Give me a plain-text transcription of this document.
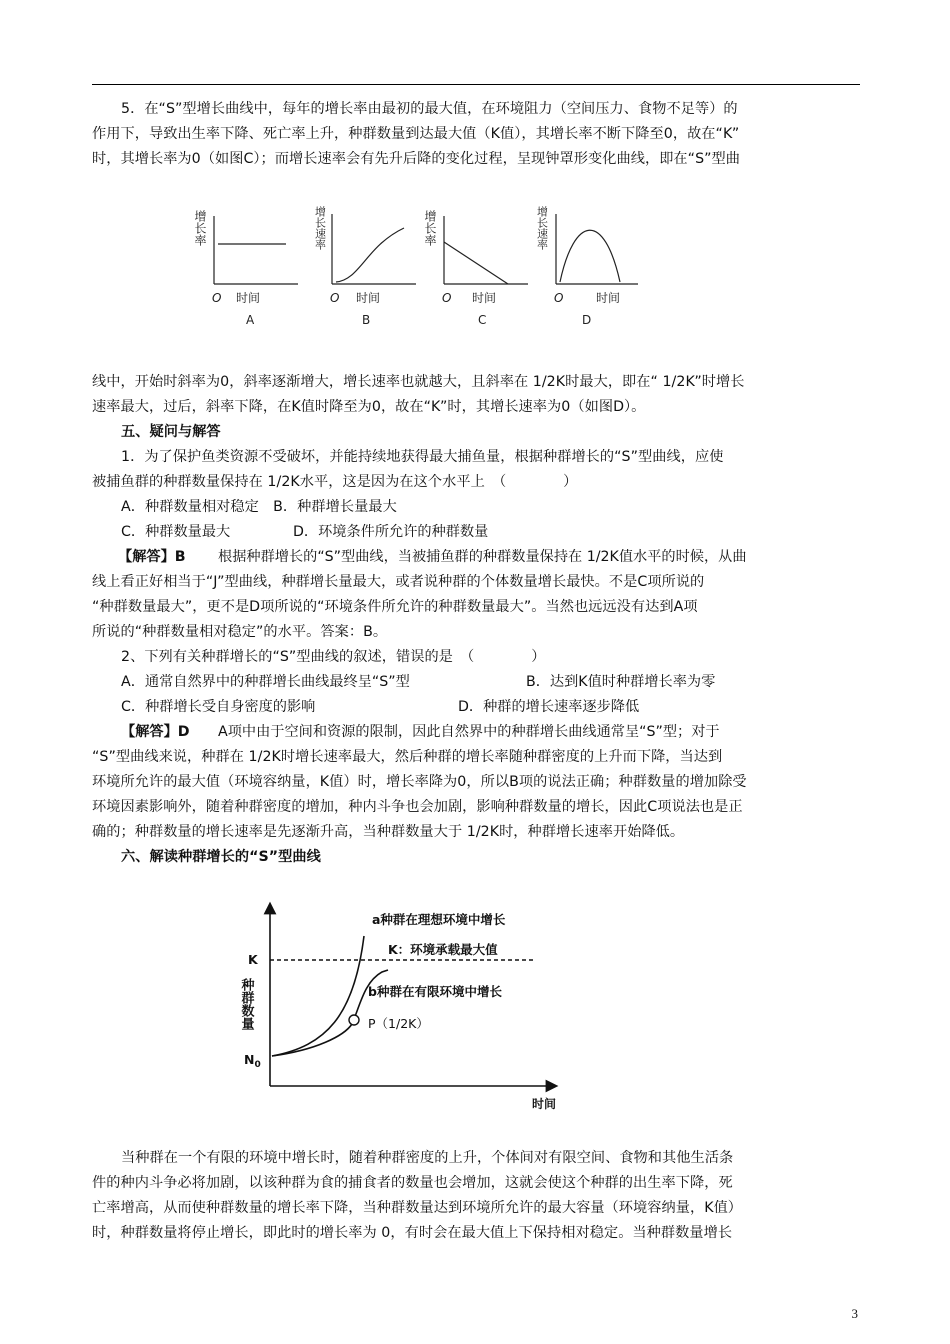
5．在“S”型增长曲线中，每年的增长率由最初的最大值，在环境阻力（空间压力、食物不足等）的
作用下，导致出生率下降、死亡率上升，种群数量到达最大值（K值），其增长率不断下降至0，故在“K”
时，其增长率为0（如图C）；而增长速率会有先升后降的变化过程，呈现钟罩形变化曲线，即在“S”型曲
增长率
O 时间
A
增长速率
O 时间
B
增长率
O 时间
C
增长速率
O	时间
D
线中，开始时斜率为0，斜率逐渐增大，增长速率也就越大，且斜率在 1/2K时最大，即在“ 1/2K”时增长
速率最大，过后，斜率下降，在K值时降至为0，故在“K”时，其增长速率为0（如图D）。
五、疑问与解答
1．为了保护鱼类资源不受破坏，并能持续地获得最大捕鱼量，根据种群增长的“S”型曲线，应使
被捕鱼群的种群数量保持在 1/2K水平，这是因为在这个水平上　（　　　　）
A．种群数量相对稳定　B．种群增长量最大
C．种群数量最大	D．环境条件所允许的种群数量
【解答】B 根据种群增长的“S”型曲线，当被捕鱼群的种群数量保持在 1/2K值水平的时候，从曲
线上看正好相当于“J”型曲线，种群增长量最大，或者说种群的个体数量增长最快。不是C项所说的
“种群数量最大”，更不是D项所说的“环境条件所允许的种群数量最大”。当然也远远没有达到A项
所说的“种群数量相对稳定”的水平。答案：B。
2、下列有关种群增长的“S”型曲线的叙述，错误的是　（　　　　）
A．通常自然界中的种群增长曲线最终呈“S”型	B．达到K值时种群增长率为零
C．种群增长受自身密度的影响	D．种群的增长速率逐步降低
【解答】D A项中由于空间和资源的限制，因此自然界中的种群增长曲线通常呈“S”型；对于
“S”型曲线来说，种群在 1/2K时增长速率最大，然后种群的增长率随种群密度的上升而下降，当达到
环境所允许的最大值（环境容纳量，K值）时，增长率降为0，所以B项的说法正确；种群数量的增加除受
环境因素影响外，随着种群密度的增加，种内斗争也会加剧，影响种群数量的增长，因此C项说法也是正
确的；种群数量的增长速率是先逐渐升高，当种群数量大于 1/2K时，种群增长速率开始降低。
六、解读种群增长的“S”型曲线
a种群在理想环境中增长
K：环境承载最大值
b种群在有限环境中增长
P（1/2K）
K
种群数量
$N_0$
时间
当种群在一个有限的环境中增长时，随着种群密度的上升，个体间对有限空间、食物和其他生活条
件的种内斗争必将加剧，以该种群为食的捕食者的数量也会增加，这就会使这个种群的出生率下降，死
亡率增高，从而使种群数量的增长率下降，当种群数量达到环境所允许的最大容量（环境容纳量，K值）
时，种群数量将停止增长，即此时的增长率为 0，有时会在最大值上下保持相对稳定。当种群数量增长
3
